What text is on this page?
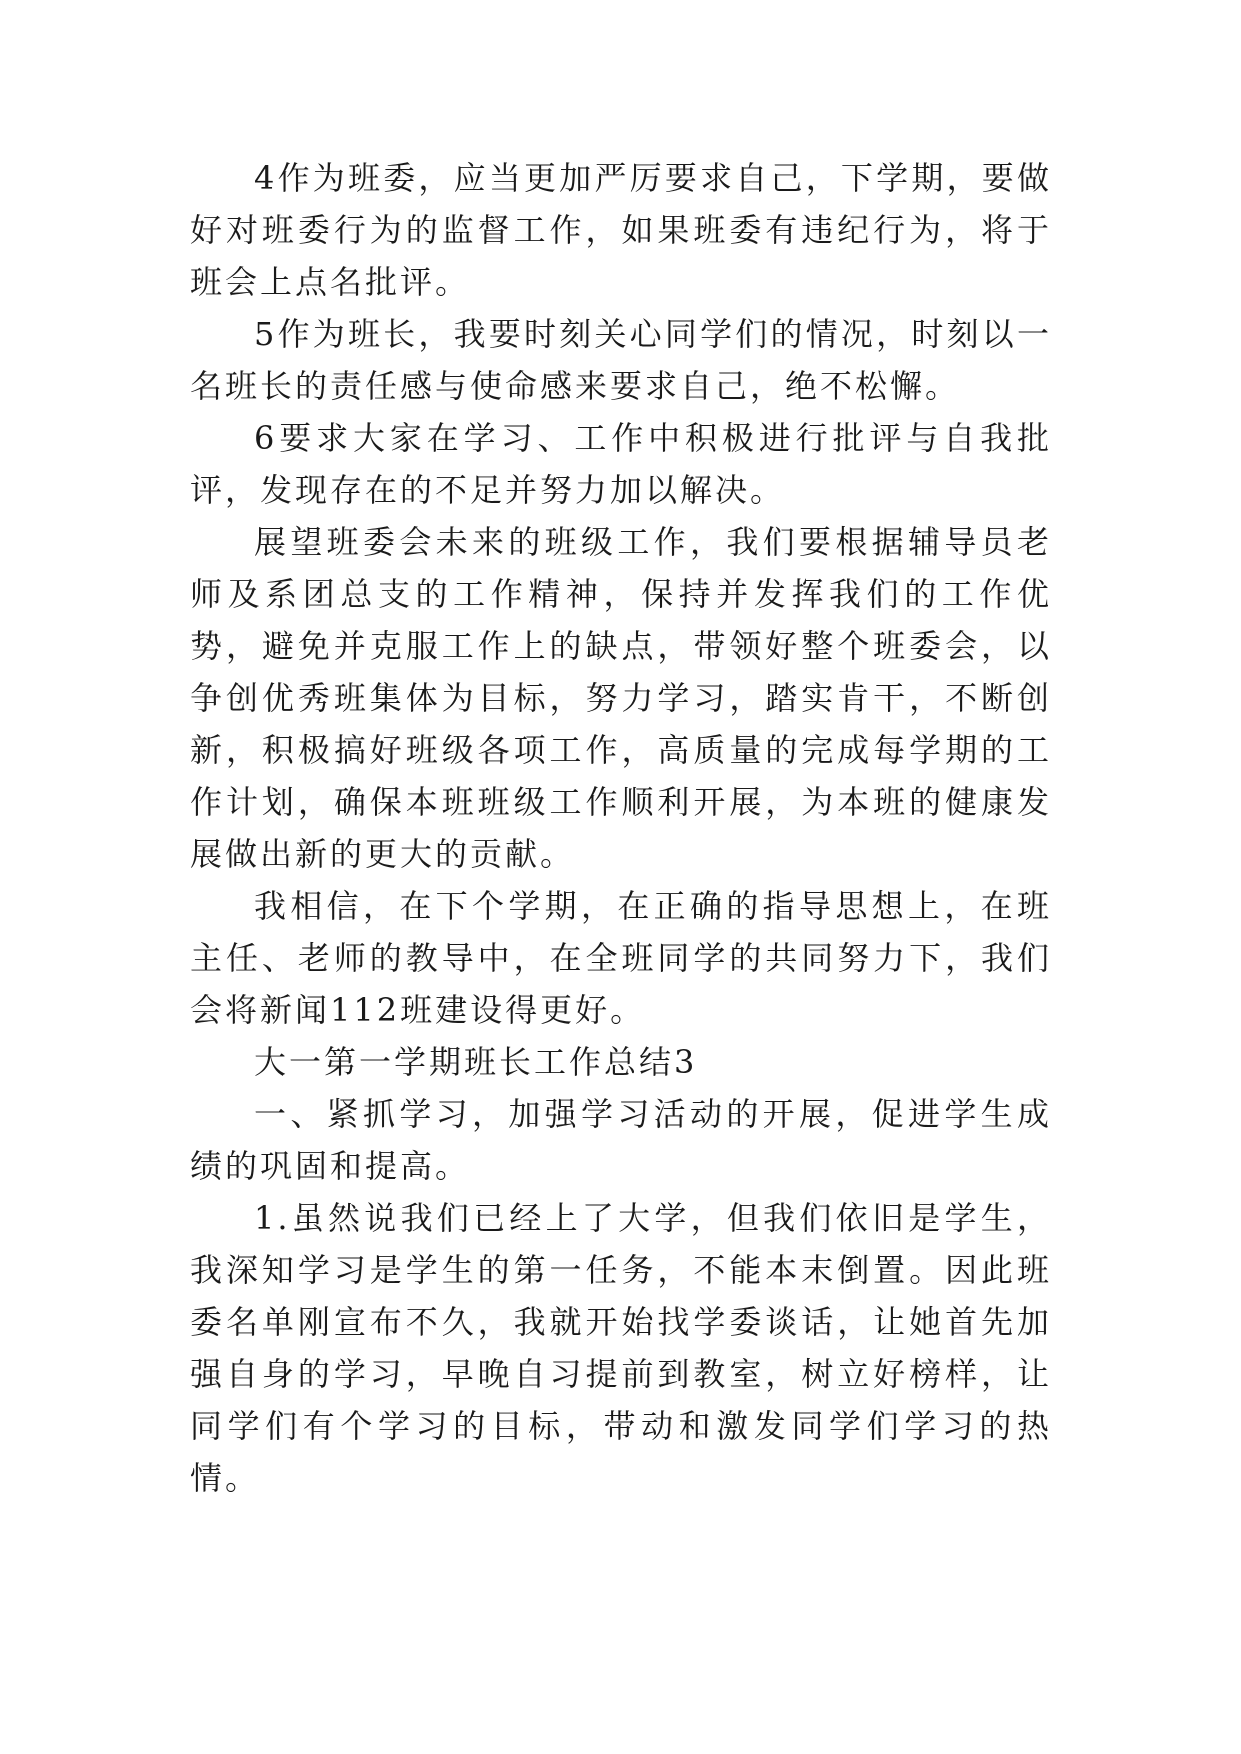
4作为班委，应当更加严厉要求自己，下学期，要做好对班委行为的监督工作，如果班委有违纪行为，将于班会上点名批评。

5作为班长，我要时刻关心同学们的情况，时刻以一名班长的责任感与使命感来要求自己，绝不松懈。

6要求大家在学习、工作中积极进行批评与自我批评，发现存在的不足并努力加以解决。

展望班委会未来的班级工作，我们要根据辅导员老师及系团总支的工作精神，保持并发挥我们的工作优势，避免并克服工作上的缺点，带领好整个班委会，以争创优秀班集体为目标，努力学习，踏实肯干，不断创新，积极搞好班级各项工作，高质量的完成每学期的工作计划，确保本班班级工作顺利开展，为本班的健康发展做出新的更大的贡献。

我相信，在下个学期，在正确的指导思想上，在班主任、老师的教导中，在全班同学的共同努力下，我们会将新闻112班建设得更好。

大一第一学期班长工作总结3

一、紧抓学习，加强学习活动的开展，促进学生成绩的巩固和提高。

1.虽然说我们已经上了大学，但我们依旧是学生，我深知学习是学生的第一任务，不能本末倒置。因此班委名单刚宣布不久，我就开始找学委谈话，让她首先加强自身的学习，早晚自习提前到教室，树立好榜样，让同学们有个学习的目标，带动和激发同学们学习的热情。
